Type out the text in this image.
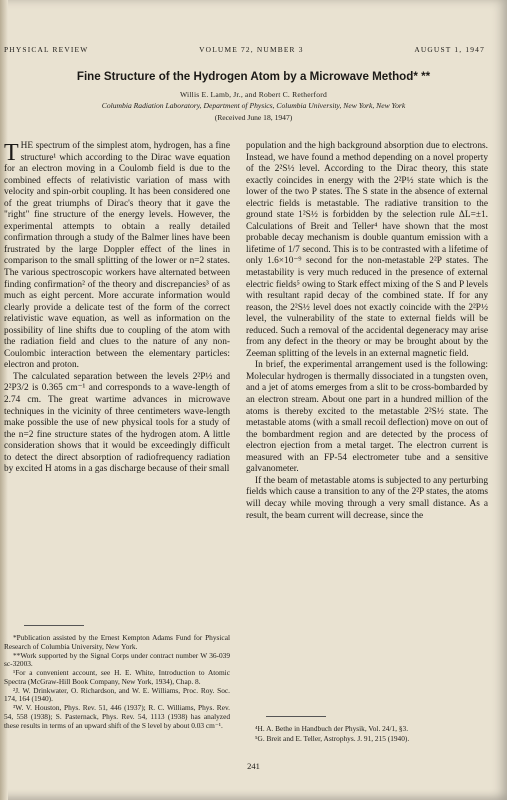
PHYSICAL REVIEW	VOLUME 72, NUMBER 3	AUGUST 1, 1947
Fine Structure of the Hydrogen Atom by a Microwave Method* **
Willis E. Lamb, Jr., and Robert C. Retherford
Columbia Radiation Laboratory, Department of Physics, Columbia University, New York, New York
(Received June 18, 1947)

THE spectrum of the simplest atom, hydrogen, has a fine structure¹ which according to the Dirac wave equation for an electron moving in a Coulomb field is due to the combined effects of relativistic variation of mass with velocity and spin-orbit coupling. It has been considered one of the great triumphs of Dirac's theory that it gave the "right" fine structure of the energy levels. However, the experimental attempts to obtain a really detailed confirmation through a study of the Balmer lines have been frustrated by the large Doppler effect of the lines in comparison to the small splitting of the lower or n=2 states. The various spectroscopic workers have alternated between finding confirmation² of the theory and discrepancies³ of as much as eight percent. More accurate information would clearly provide a delicate test of the form of the correct relativistic wave equation, as well as information on the possibility of line shifts due to coupling of the atom with the radiation field and clues to the nature of any non-Coulombic interaction between the elementary particles: electron and proton.

The calculated separation between the levels 2²P½ and 2²P3/2 is 0.365 cm⁻¹ and corresponds to a wave-length of 2.74 cm. The great wartime advances in microwave techniques in the vicinity of three centimeters wave-length make possible the use of new physical tools for a study of the n=2 fine structure states of the hydrogen atom. A little consideration shows that it would be exceedingly difficult to detect the direct absorption of radiofrequency radiation by excited H atoms in a gas discharge because of their small

population and the high background absorption due to electrons. Instead, we have found a method depending on a novel property of the 2²S½ level. According to the Dirac theory, this state exactly coincides in energy with the 2²P½ state which is the lower of the two P states. The S state in the absence of external electric fields is metastable. The radiative transition to the ground state 1²S½ is forbidden by the selection rule ΔL=±1. Calculations of Breit and Teller⁴ have shown that the most probable decay mechanism is double quantum emission with a lifetime of 1/7 second. This is to be contrasted with a lifetime of only 1.6×10⁻⁹ second for the non-metastable 2²P states. The metastability is very much reduced in the presence of external electric fields⁵ owing to Stark effect mixing of the S and P levels with resultant rapid decay of the combined state. If for any reason, the 2²S½ level does not exactly coincide with the 2²P½ level, the vulnerability of the state to external fields will be reduced. Such a removal of the accidental degeneracy may arise from any defect in the theory or may be brought about by the Zeeman splitting of the levels in an external magnetic field.

In brief, the experimental arrangement used is the following: Molecular hydrogen is thermally dissociated in a tungsten oven, and a jet of atoms emerges from a slit to be cross-bombarded by an electron stream. About one part in a hundred million of the atoms is thereby excited to the metastable 2²S½ state. The metastable atoms (with a small recoil deflection) move on out of the bombardment region and are detected by the process of electron ejection from a metal target. The electron current is measured with an FP-54 electrometer tube and a sensitive galvanometer.

If the beam of metastable atoms is subjected to any perturbing fields which cause a transition to any of the 2²P states, the atoms will decay while moving through a very small distance. As a result, the beam current will decrease, since the

*Publication assisted by the Ernest Kempton Adams Fund for Physical Research of Columbia University, New York.

**Work supported by the Signal Corps under contract number W 36-039 sc-32003.

¹For a convenient account, see H. E. White, Introduction to Atomic Spectra (McGraw-Hill Book Company, New York, 1934), Chap. 8.

²J. W. Drinkwater, O. Richardson, and W. E. Williams, Proc. Roy. Soc. 174, 164 (1940).

³W. V. Houston, Phys. Rev. 51, 446 (1937); R. C. Williams, Phys. Rev. 54, 558 (1938); S. Pasternack, Phys. Rev. 54, 1113 (1938) has analyzed these results in terms of an upward shift of the S level by about 0.03 cm⁻¹.	⁴H. A. Bethe in Handbuch der Physik, Vol. 24/1, §3.

⁵G. Breit and E. Teller, Astrophys. J. 91, 215 (1940).

241
